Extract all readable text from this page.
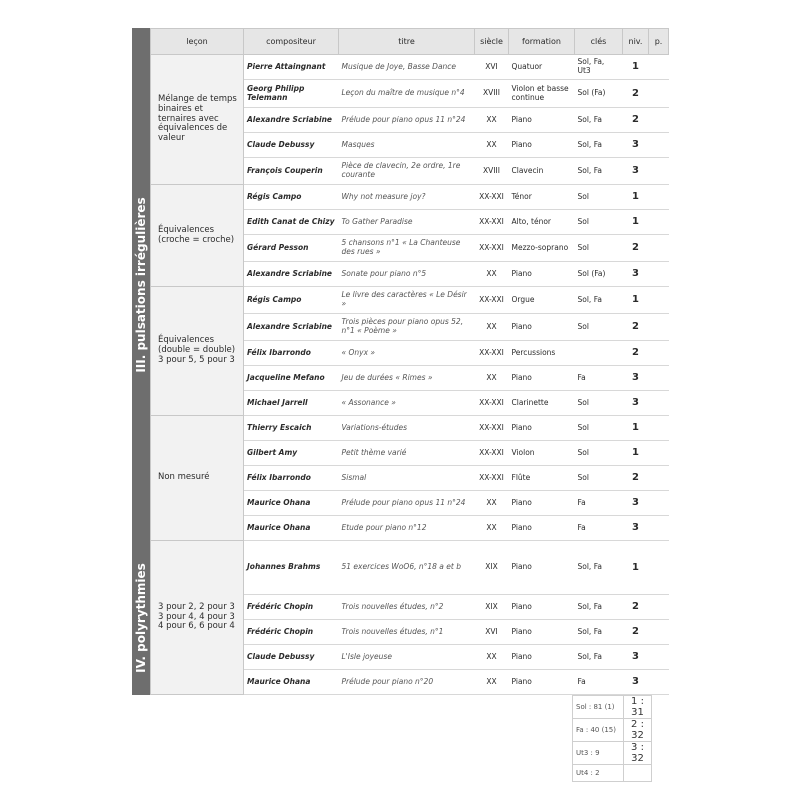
III. pulsations irrégulières
IV. polyrythmies
leçon	compositeur	titre	siècle	formation	clés	niv.	p.
Mélange de temps binaires et ternaires avec équivalences de valeur	Pierre Attaingnant	Musique de Joye, Basse Dance	XVI	Quatuor	Sol, Fa, Ut3	1	
	Georg Philipp Telemann	Leçon du maître de musique n°4	XVIII	Violon et basse continue	Sol (Fa)	2	
	Alexandre Scriabine	Prélude pour piano opus 11 n°24	XX	Piano	Sol, Fa	2	
	Claude Debussy	Masques	XX	Piano	Sol, Fa	3	
	François Couperin	Pièce de clavecin, 2e ordre, 1re courante	XVIII	Clavecin	Sol, Fa	3	
Équivalences (croche = croche)	Régis Campo	Why not measure joy?	XX-XXI	Ténor	Sol	1	
	Edith Canat de Chizy	To Gather Paradise	XX-XXI	Alto, ténor	Sol	1	
	Gérard Pesson	5 chansons n°1 « La Chanteuse des rues »	XX-XXI	Mezzo-soprano	Sol	2	
	Alexandre Scriabine	Sonate pour piano n°5	XX	Piano	Sol (Fa)	3	
Équivalences (double = double) 3 pour 5, 5 pour 3	Régis Campo	Le livre des caractères « Le Désir »	XX-XXI	Orgue	Sol, Fa	1	
	Alexandre Scriabine	Trois pièces pour piano opus 52, n°1 « Poème »	XX	Piano	Sol	2	
	Félix Ibarrondo	« Onyx »	XX-XXI	Percussions		2	
	Jacqueline Mefano	Jeu de durées « Rimes »	XX	Piano	Fa	3	
	Michael Jarrell	« Assonance »	XX-XXI	Clarinette	Sol	3	
Non mesuré	Thierry Escaich	Variations-études	XX-XXI	Piano	Sol	1	
	Gilbert Amy	Petit thème varié	XX-XXI	Violon	Sol	1	
	Félix Ibarrondo	Sismal	XX-XXI	Flûte	Sol	2	
	Maurice Ohana	Prélude pour piano opus 11 n°24	XX	Piano	Fa	3	
	Maurice Ohana	Etude pour piano n°12	XX	Piano	Fa	3	
3 pour 2, 2 pour 3 3 pour 4, 4 pour 3 4 pour 6, 6 pour 4	Johannes Brahms	51 exercices WoO6, n°18 a et b	XIX	Piano	Sol, Fa	1	
	Frédéric Chopin	Trois nouvelles études, n°2	XIX	Piano	Sol, Fa	2	
	Frédéric Chopin	Trois nouvelles études, n°1	XVI	Piano	Sol, Fa	2	
	Claude Debussy	L'Isle joyeuse	XX	Piano	Sol, Fa	3	
	Maurice Ohana	Prélude pour piano n°20	XX	Piano	Fa	3	
Sol : 81 (1)	1 : 31
Fa : 40 (15)	2 : 32
Ut3 : 9	3 : 32
Ut4 : 2	
